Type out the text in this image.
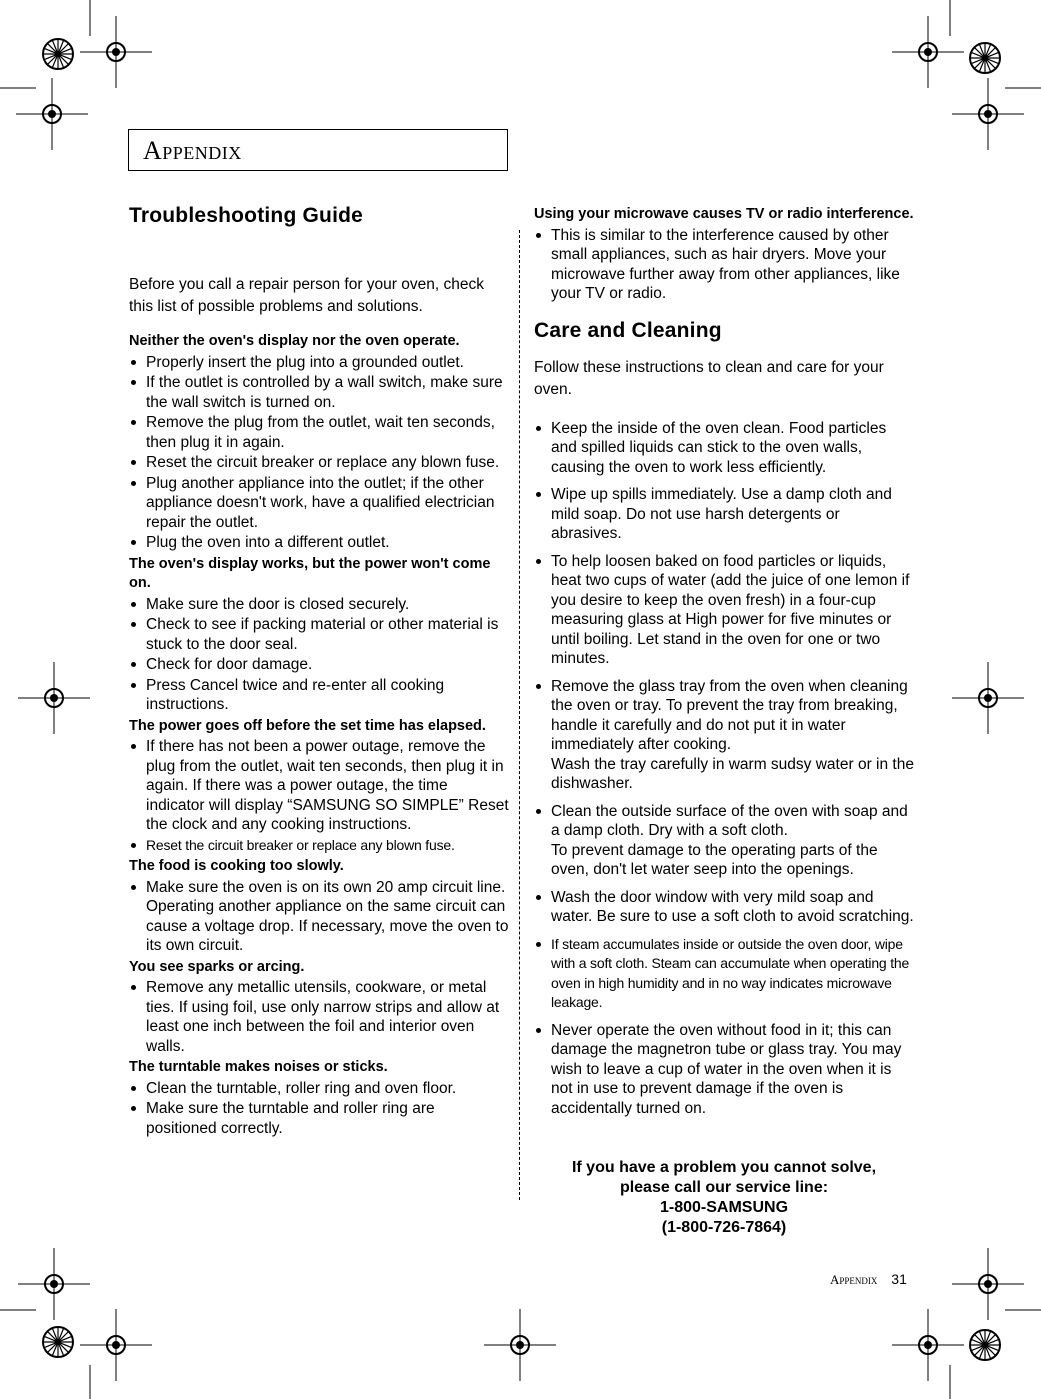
Appendix
Troubleshooting Guide
Before you call a repair person for your oven, check this list of possible problems and solutions.
Neither the oven's display nor the oven operate.
Properly insert the plug into a grounded outlet.
If the outlet is controlled by a wall switch, make sure the wall switch is turned on.
Remove the plug from the outlet, wait ten seconds, then plug it in again.
Reset the circuit breaker or replace any blown fuse.
Plug another appliance into the outlet; if the other appliance doesn't work, have a qualified electrician repair the outlet.
Plug the oven into a different outlet.
The oven's display works, but the power won't come on.
Make sure the door is closed securely.
Check to see if packing material or other material is stuck to the door seal.
Check for door damage.
Press Cancel twice and re-enter all cooking instructions.
The power goes off before the set time has elapsed.
If there has not been a power outage, remove the plug from the outlet, wait ten seconds, then plug it in again. If there was a power outage, the time indicator will display “SAMSUNG SO SIMPLE” Reset the clock and any cooking instructions.
Reset the circuit breaker or replace any blown fuse.
The food is cooking too slowly.
Make sure the oven is on its own 20 amp circuit line. Operating another appliance on the same circuit can cause a voltage drop. If necessary, move the oven to its own circuit.
You see sparks or arcing.
Remove any metallic utensils, cookware, or metal ties. If using foil, use only narrow strips and allow at least one inch between the foil and interior oven walls.
The turntable makes noises or sticks.
Clean the turntable, roller ring and oven floor.
Make sure the turntable and roller ring are positioned correctly.
Using your microwave causes TV or radio interference.
This is similar to the interference caused by other small appliances, such as hair dryers. Move your microwave further away from other appliances, like your TV or radio.
Care and Cleaning
Follow these instructions to clean and care for your oven.
Keep the inside of the oven clean. Food particles and spilled liquids can stick to the oven walls, causing the oven to work less efficiently.
Wipe up spills immediately. Use a damp cloth and mild soap. Do not use harsh detergents or abrasives.
To help loosen baked on food particles or liquids, heat two cups of water (add the juice of one lemon if you desire to keep the oven fresh) in a four-cup measuring glass at High power for five minutes or until boiling. Let stand in the oven for one or two minutes.
Remove the glass tray from the oven when cleaning the oven or tray. To prevent the tray from breaking, handle it carefully and do not put it in water immediately after cooking.
Wash the tray carefully in warm sudsy water or in the dishwasher.
Clean the outside surface of the oven with soap and a damp cloth. Dry with a soft cloth.
To prevent damage to the operating parts of the oven, don't let water seep into the openings.
Wash the door window with very mild soap and water. Be sure to use a soft cloth to avoid scratching.
If steam accumulates inside or outside the oven door, wipe with a soft cloth. Steam can accumulate when operating the oven in high humidity and in no way indicates microwave leakage.
Never operate the oven without food in it; this can damage the magnetron tube or glass tray. You may wish to leave a cup of water in the oven when it is not in use to prevent damage if the oven is accidentally turned on.
If you have a problem you cannot solve,
please call our service line:
1-800-SAMSUNG
(1-800-726-7864)
Appendix 31
